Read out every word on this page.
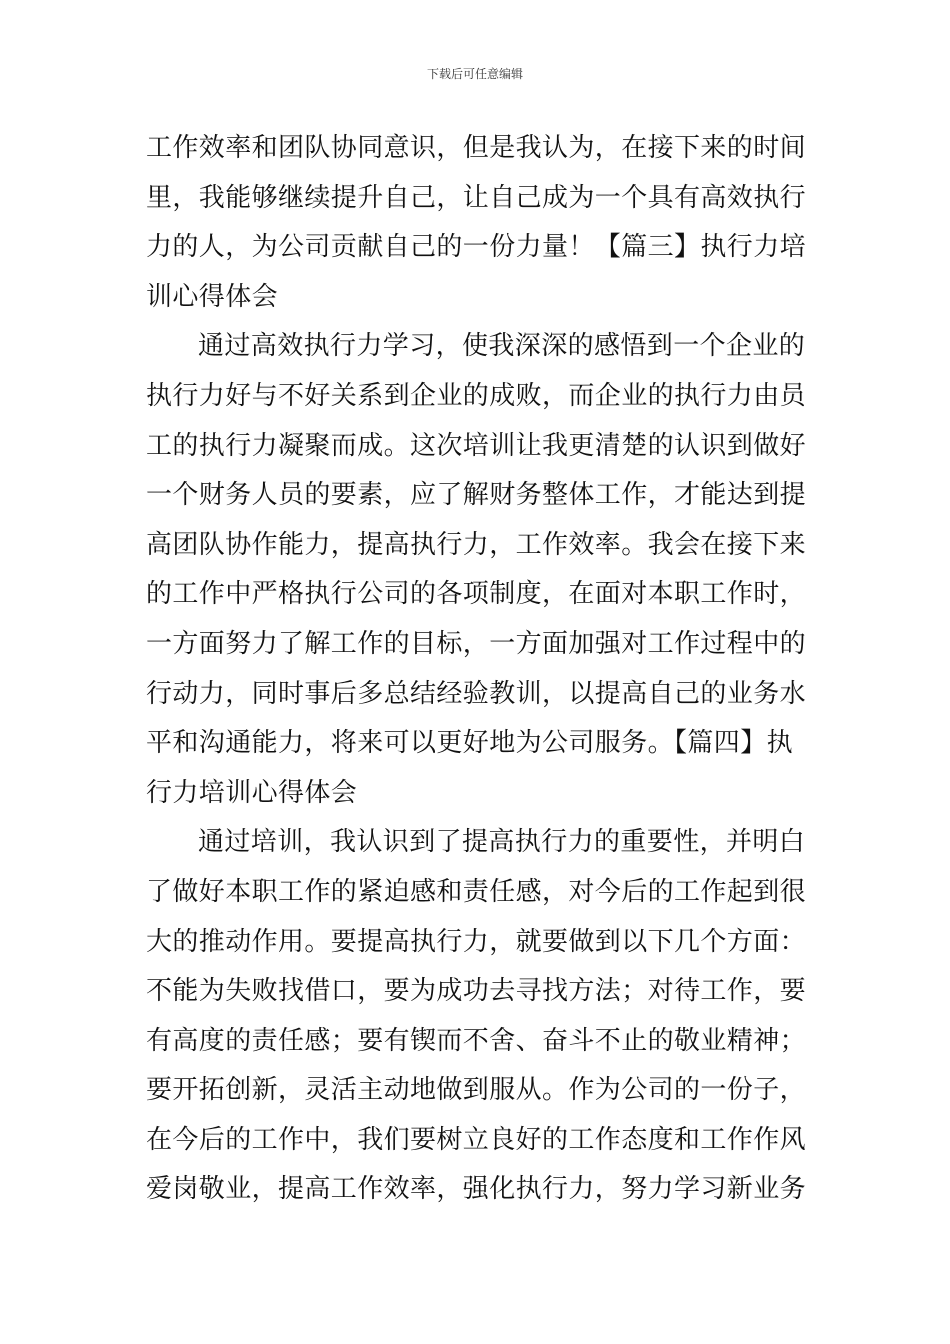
下载后可任意编辑
工作效率和团队协同意识，但是我认为，在接下来的时间
里，我能够继续提升自己，让自己成为一个具有高效执行
力的人，为公司贡献自己的一份力量！【篇三】执行力培
训心得体会
通过高效执行力学习，使我深深的感悟到一个企业的
执行力好与不好关系到企业的成败，而企业的执行力由员
工的执行力凝聚而成。这次培训让我更清楚的认识到做好
一个财务人员的要素，应了解财务整体工作，才能达到提
高团队协作能力，提高执行力，工作效率。我会在接下来
的工作中严格执行公司的各项制度，在面对本职工作时，
一方面努力了解工作的目标，一方面加强对工作过程中的
行动力，同时事后多总结经验教训，以提高自己的业务水
平和沟通能力，将来可以更好地为公司服务。【篇四】执
行力培训心得体会
通过培训，我认识到了提高执行力的重要性，并明白
了做好本职工作的紧迫感和责任感，对今后的工作起到很
大的推动作用。要提高执行力，就要做到以下几个方面：
不能为失败找借口，要为成功去寻找方法；对待工作，要
有高度的责任感；要有锲而不舍、奋斗不止的敬业精神；
要开拓创新，灵活主动地做到服从。作为公司的一份子，
在今后的工作中，我们要树立良好的工作态度和工作作风
爱岗敬业，提高工作效率，强化执行力，努力学习新业务
